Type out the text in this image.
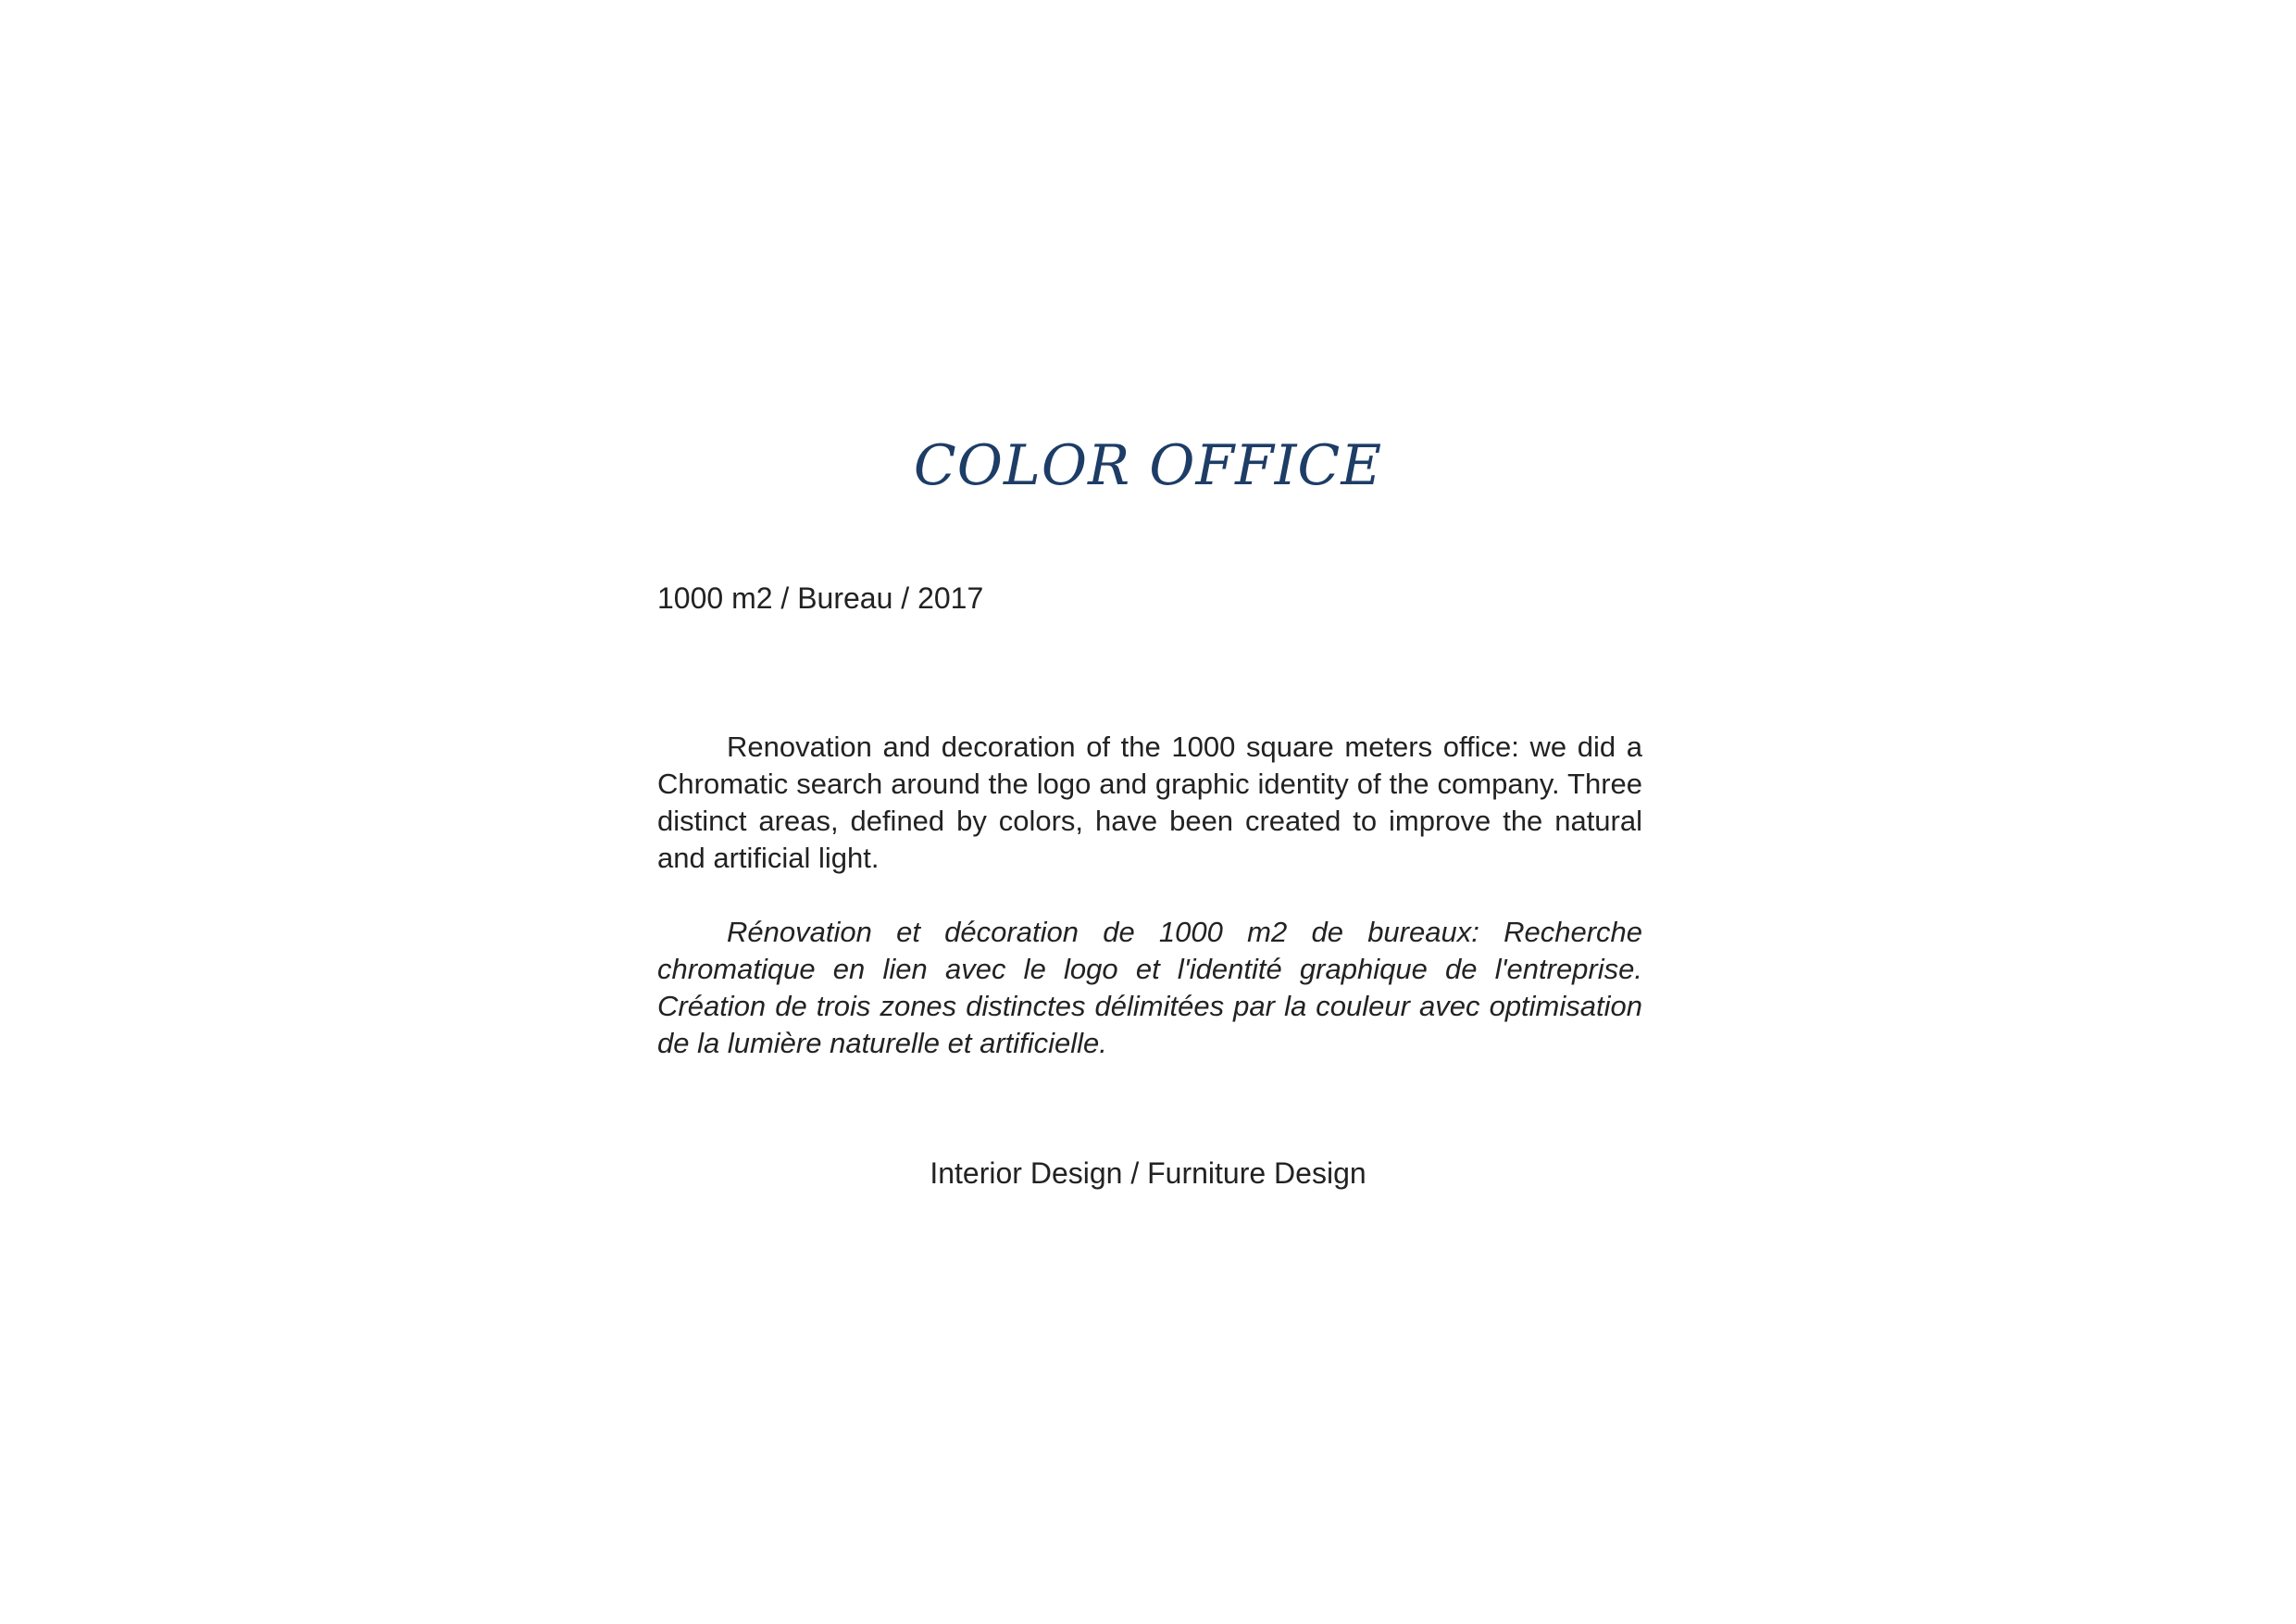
COLOR OFFICE
1000 m2 / Bureau / 2017

Renovation and decoration of the 1000 square meters office: we did a Chromatic search around the logo and graphic identity of the company. Three distinct areas, defined by colors, have been created to improve the natural and artificial light.

Rénovation et décoration de 1000 m2 de bureaux: Recherche chromatique en lien avec le logo et l'identité graphique de l'entreprise. Création de trois zones distinctes délimitées par la couleur avec optimisation de la lumière naturelle et artificielle.

Interior Design / Furniture Design
